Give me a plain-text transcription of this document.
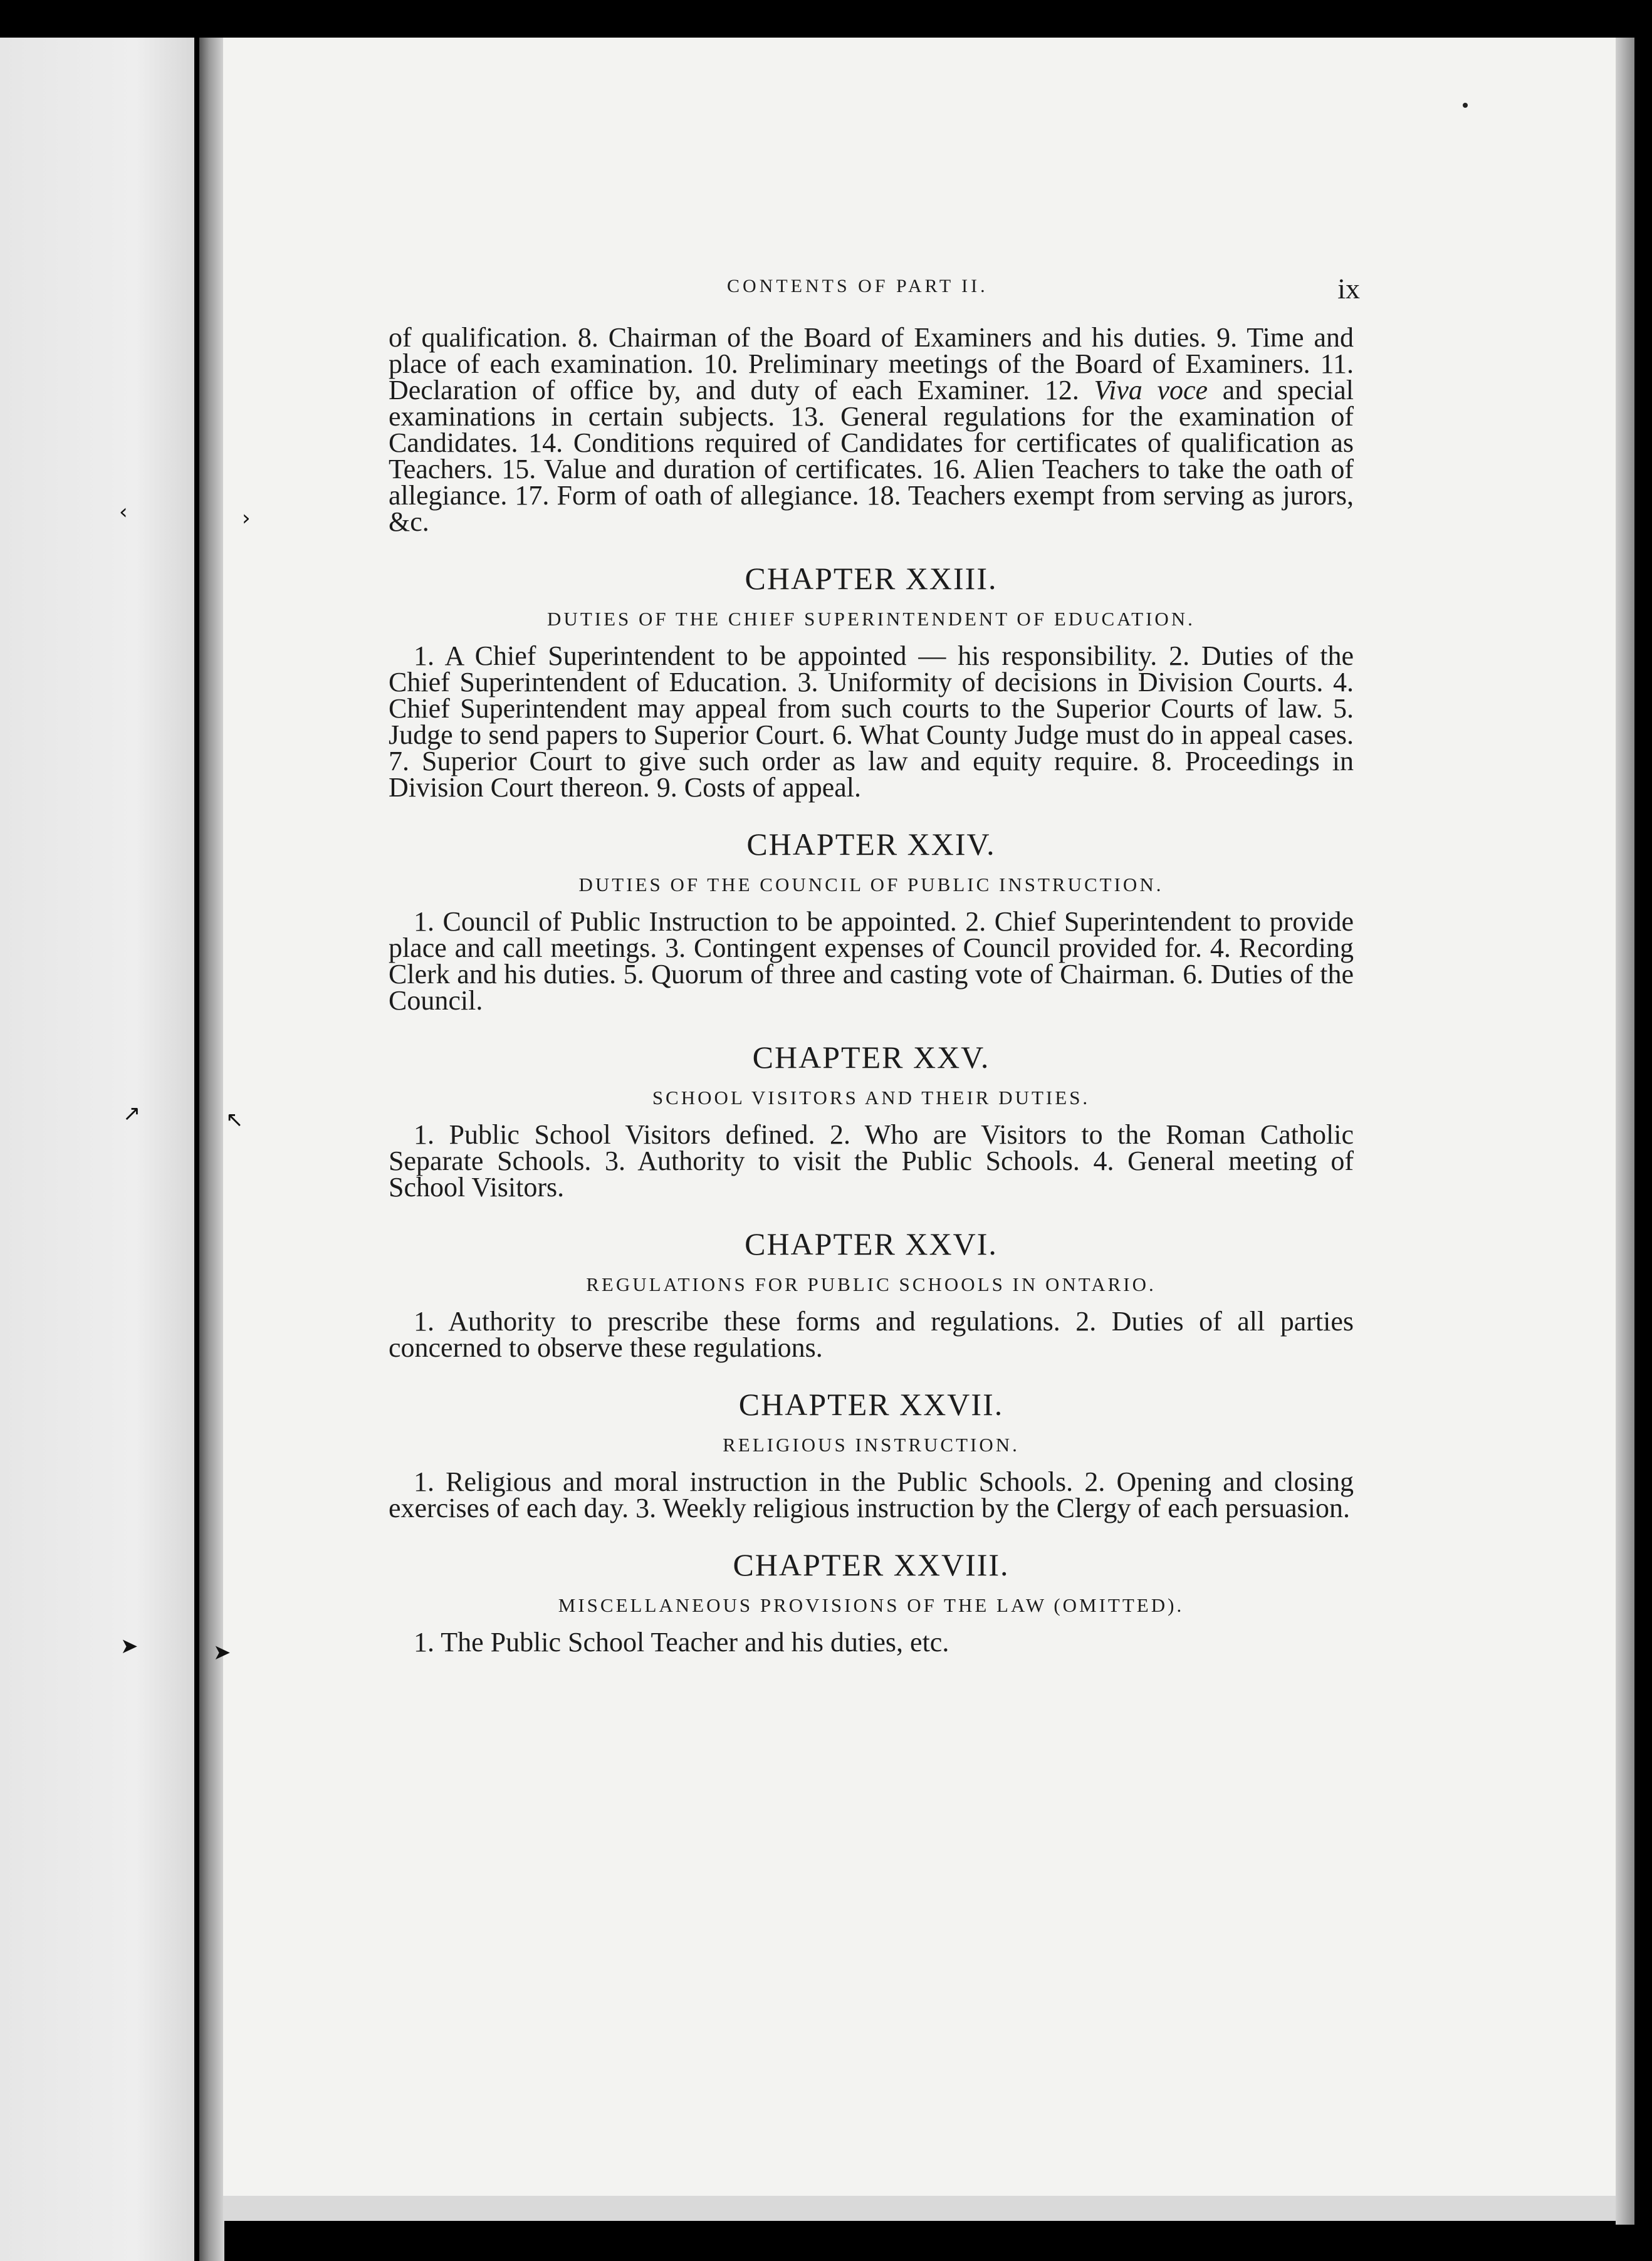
‹	›
↗	↖
➤	➤
CONTENTS OF PART II.	ix

of qualification. 8. Chairman of the Board of Examiners and his duties. 9. Time and place of each examination. 10. Preliminary meetings of the Board of Examiners. 11. Declaration of office by, and duty of each Examiner. 12. Viva voce and special examinations in certain subjects. 13. General regulations for the examination of Candidates. 14. Conditions required of Candidates for certificates of qualification as Teachers. 15. Value and duration of certificates. 16. Alien Teachers to take the oath of allegiance. 17. Form of oath of allegiance. 18. Teachers exempt from serving as jurors, &c.

CHAPTER XXIII.
DUTIES OF THE CHIEF SUPERINTENDENT OF EDUCATION.

1. A Chief Superintendent to be appointed — his responsibility. 2. Duties of the Chief Superintendent of Education. 3. Uniformity of decisions in Division Courts. 4. Chief Superintendent may appeal from such courts to the Superior Courts of law. 5. Judge to send papers to Superior Court. 6. What County Judge must do in appeal cases. 7. Superior Court to give such order as law and equity require. 8. Proceedings in Division Court thereon. 9. Costs of appeal.

CHAPTER XXIV.
DUTIES OF THE COUNCIL OF PUBLIC INSTRUCTION.

1. Council of Public Instruction to be appointed. 2. Chief Superintendent to provide place and call meetings. 3. Contingent expenses of Council provided for. 4. Recording Clerk and his duties. 5. Quorum of three and casting vote of Chairman. 6. Duties of the Council.

CHAPTER XXV.
SCHOOL VISITORS AND THEIR DUTIES.

1. Public School Visitors defined. 2. Who are Visitors to the Roman Catholic Separate Schools. 3. Authority to visit the Public Schools. 4. General meeting of School Visitors.

CHAPTER XXVI.
REGULATIONS FOR PUBLIC SCHOOLS IN ONTARIO.

1. Authority to prescribe these forms and regulations. 2. Duties of all parties concerned to observe these regulations.

CHAPTER XXVII.
RELIGIOUS INSTRUCTION.

1. Religious and moral instruction in the Public Schools. 2. Opening and closing exercises of each day. 3. Weekly religious instruction by the Clergy of each persuasion.

CHAPTER XXVIII.
MISCELLANEOUS PROVISIONS OF THE LAW (OMITTED).

1. The Public School Teacher and his duties, etc.
